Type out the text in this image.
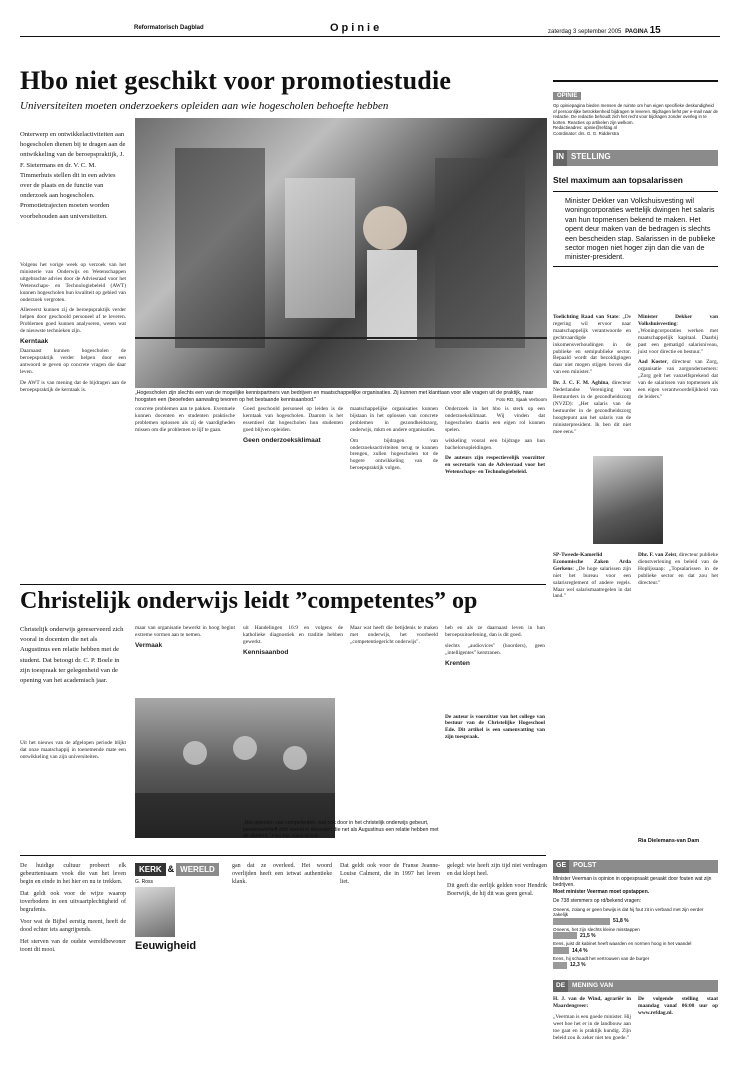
Reformatorisch Dagblad	Opinie	zaterdag 3 september 2005 PAGINA 15
Hbo niet geschikt voor promotiestudie
Universiteiten moeten onderzoekers opleiden aan wie hogescholen behoefte hebben
Onterwerp en ontwikkelactiviteiten aan hogescholen dienen bij te dragen aan de ontwikkeling van de beroepspraktijk, J. F. Sietermans en dr. V. C. M. Timmerhuis stellen dit in een advies over de plaats en de functie van onderzoek aan hogescholen. Promotietrajecten moeten worden voorbehouden aan universiteiten.

Volgens het vorige week op verzoek van het ministerie van Onderwijs en Wetenschappen uitgebrachte advies door de Adviesraad voor het Wetenschaps- en Technologiebeleid (AWT) kunnen hogescholen hun kwaliteit op gebied van onderzoek vergroten.

Allereerst kunnen zij de beroepspraktijk verder helpen door geschoold personeel af te leveren. Problemen goed kunnen analyseren, weten wat de nieuwste technieken zijn.

Kerntaak

Daarnaast kunnen hogescholen de beroepspraktijk verder helpen door een antwoord te geven op concrete vragen die daar leven.

De AWT is van mening dat de bijdragen aan de beroepspraktijk de kerntaak is.

„Hogescholen zijn slechts een van de mogelijke kennispartners van bedrijven en maatschappelijke organisaties. Zij kunnen met klanttaan voor alle vragen uit de praktijk, naar hoogsten een (beoefeden aanwaling tevoren op het bestaande kennisaanbod."	Foto RD, Sjaak Verboom

concrete problemen aan te pakken. Eventuele kunnen docenten en studenten praktische problemen oplossen als zij de vaardigheden missen om die problemen te lijf te gaan.

Goed geschoold personeel op leiden is de kerntaak van hogescholen. Daarom is het essentieel dat hogescholen hun studenten goed blijven opleiden.

Geen onderzoeksklimaat

maatschappelijke organisaties kunnen bijstaan in het oplossen van concrete problemen in gezondheidszorg, onderwijs, mkm en andere organisaties.

Om bijdragen van onderzoeksactiviteiten terug te kunnen brengen, zullen hogescholen tot de hogere ontwikkeling van de beroepspraktijk volgen.

Onderzoek in het hbo is sterk op een onderzoeksklimaat. Wij vinden dat hogescholen daarin een eigen rol kunnen spelen.

wikkeling vooral een bijdrage aan hun bachelorsopleidingen.

De auteurs zijn respectievelijk voorzitter en secretaris van de Adviesraad voor het Wetenschaps- en Technologiebeleid.

OPINIE
Op opiniepagina bieden mensen de ruimte om hun eigen specifieke deskundigheid of persoonlijke betrokkenheid bijdragen te leveren. Bijdragen liefst per e-mail naar de redactie. De redactie behoudt zich het recht voor bijdragen zonder overleg in te korten. Reacties op artikelen zijn welkom.
Redactieadres: opinie@refdag.nl
Coördinator: drs. G. G. Ridderstra
IN STELLING
Stel maximum aan topsalarissen
Minister Dekker van Volkshuisvesting wil woningcorporaties wettelijk dwingen het salaris van hun topmensen bekend te maken. Het opent deur maken van de bedragen is slechts een bescheiden stap. Salarissen in de publieke sector mogen niet hoger zijn dan die van de minister-president.

Toelichting Raad van State: „De regering wil ervoor naar maatschappelijk verantwoorde en gechtvaardigde inkomensverhoudingen in de publieke en semipublieke sector. Bepaald wordt dat bezoldigingen daar niet mogen stijgen boven die van een minister."

Dr. J. C. F. M. Aghina, directeur Nederlandse Vereniging van Bestuurders in de gezondheidszorg (NVZD): „Het salaris van de bestuurder in de gezondheidszorg hoogtepunt aan het salaris van de ministerpresident. Ik ben dit niet mee eens."

Minister Dekker van Volkshuisvesting: „Woningcorporaties werken met maatschappelijk kapitaal. Daarbij past een gematigd salarisniveau, juist voor directie en bestuur."

Aad Koster, directeur van Zorg, organisatie van zorgondernemers: „Zorg gelt het vanzelfsprekend dat van de salarissen van topmensen als een eigen verantwoordelijkheid van de leiders."

SP-Tweede-Kamerlid Economische Zaken Arda Gerkens: „De hoge salarissen zijn niet het bureau voor een salarisreglement of andere regels. Maar wel salarismaatregelen in dat land."

Dhr. F. van Zeist, directeur publieke dienstverlening en beleid van de Hoplijssaap: „Topsalarissen in de publieke sector en dat zou het directeur."

Ria Dielemans-van Dam
Christelijk onderwijs leidt ”competentes” op
Christelijk onderwijs gereserveerd zich vooral in docenten die net als Augustinus een relatie hebben met de student. Dat betoogt dr. C. P. Boele in zijn toespraak ter gelegenheid van de opening van het academisch jaar.

Uit het nieuws van de afgelopen periode blijkt dat onze maatschappij in toenemende mate een ontwikkeling van zijn universiteiten.

maar van organisatie bewerkt in hoog begint extreme vormen aan te nemen.

Vermaak

uit Handelingen 16:9 en volgens de katholieke diagnostiek en traditie hebben gewerkt.

Kennisaanbod

Maar wat heeft die betijdenis te maken met onderwijs, het voorbeeld „competentiegericht onderwijs".

heb en als ze daarnaast leven in hun beroepsuitoefening, dan is dit goed.

slechts „audiovices" (hoorders), geen „intelligentes" kerstranen.

Krenten

De auteur is voorzitter van het college van bestuur van de Christelijke Hogeschool Ede. Dit artikel is een samenvatting van zijn toespraak.

„Het opleiden van competenten, wat ook door in het christelijk onderwijs gebeurt, peroonsverheft zich vooral in docenten die net als Augustinus een relatie hebben met de student." Foto RD, Anton Drenth

De huidige cultuur probeert elk gebeurtenisaam vook die van het leven begin en einde in het hier en nu te trekken.

Dat geldt ook voor de wijze waarop toverbodem in een uitvaartplechtigheid of begrafenis.

Voor wat de Bijbel eerstig meent, heeft de dood echter iets aangrijpends.

Het sterven van de oudste wereldbewoner toont dit mooi.

KERK & WERELD
G. Ross
Eeuwigheid

gan dat ze overleed. Het woord overlijden heeft een ietwat authentieke klank.

Dat geldt ook voor de Franse Jeanne-Louise Calment, die in 1997 het leven liet.

gelegd: wie heeft zijn tijd niet verdragen en dat klopt heel.

Dit geeft die eerlijk gelden voor Hendrik Boerwijk, de hij dit was geen geval.

GE	POLST
Minister Veerman is opinion in opgespraakt geraakt door fouten wat zijn bedrijven.
Moet minister Veerman moet opstappen.
De 738 stemmers op rd/bekend vragen:
Oneens, zolang er geen bewijs is dat hij fout zit in verband met zijn eerder zakelijk
51,8 %
Oneens, het zijn slechts kleine misstappen
21,5 %
Eens, juist dit kabinet heeft waarden en normen hoog in het vaandel
14,4 %
Eens, hij schaadt het vertrouwen van de burger
12,3 %
DE	MENING VAN

H. J. van de Wind, agrariër in Maardengreer:

„Veerman is een goede minister. Hij weet hoe het er in de landbouw aan toe gaat en is praktijk kundig. Zijn beleid zou ik zeker niet ten goede."

De volgende stelling staat maandag vanaf 06:00 uur op www.refdag.nl.
